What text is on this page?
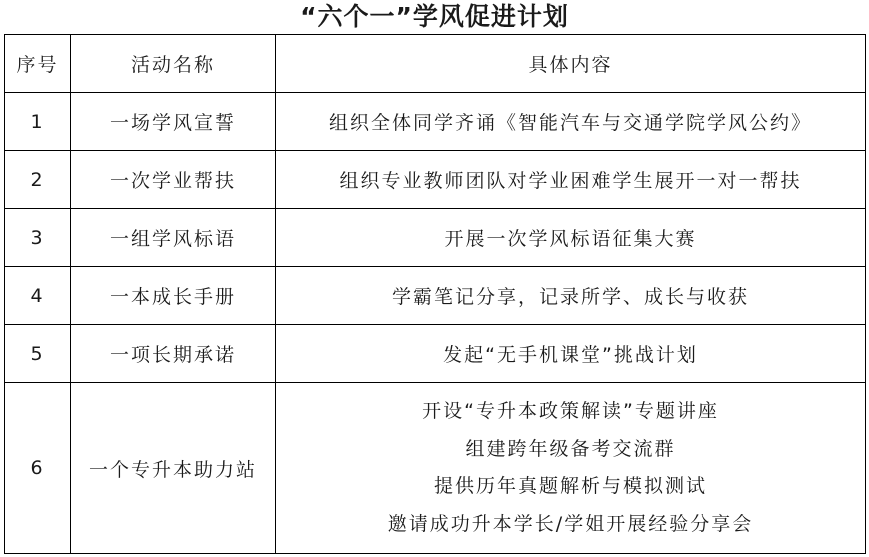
“六个一”学风促进计划
序号	活动名称	具体内容
1	一场学风宣誓	组织全体同学齐诵《智能汽车与交通学院学风公约》
2	一次学业帮扶	组织专业教师团队对学业困难学生展开一对一帮扶
3	一组学风标语	开展一次学风标语征集大赛
4	一本成长手册	学霸笔记分享，记录所学、成长与收获
5	一项长期承诺	发起“无手机课堂”挑战计划
6	一个专升本助力站	开设“专升本政策解读”专题讲座
组建跨年级备考交流群
提供历年真题解析与模拟测试
邀请成功升本学长/学姐开展经验分享会
